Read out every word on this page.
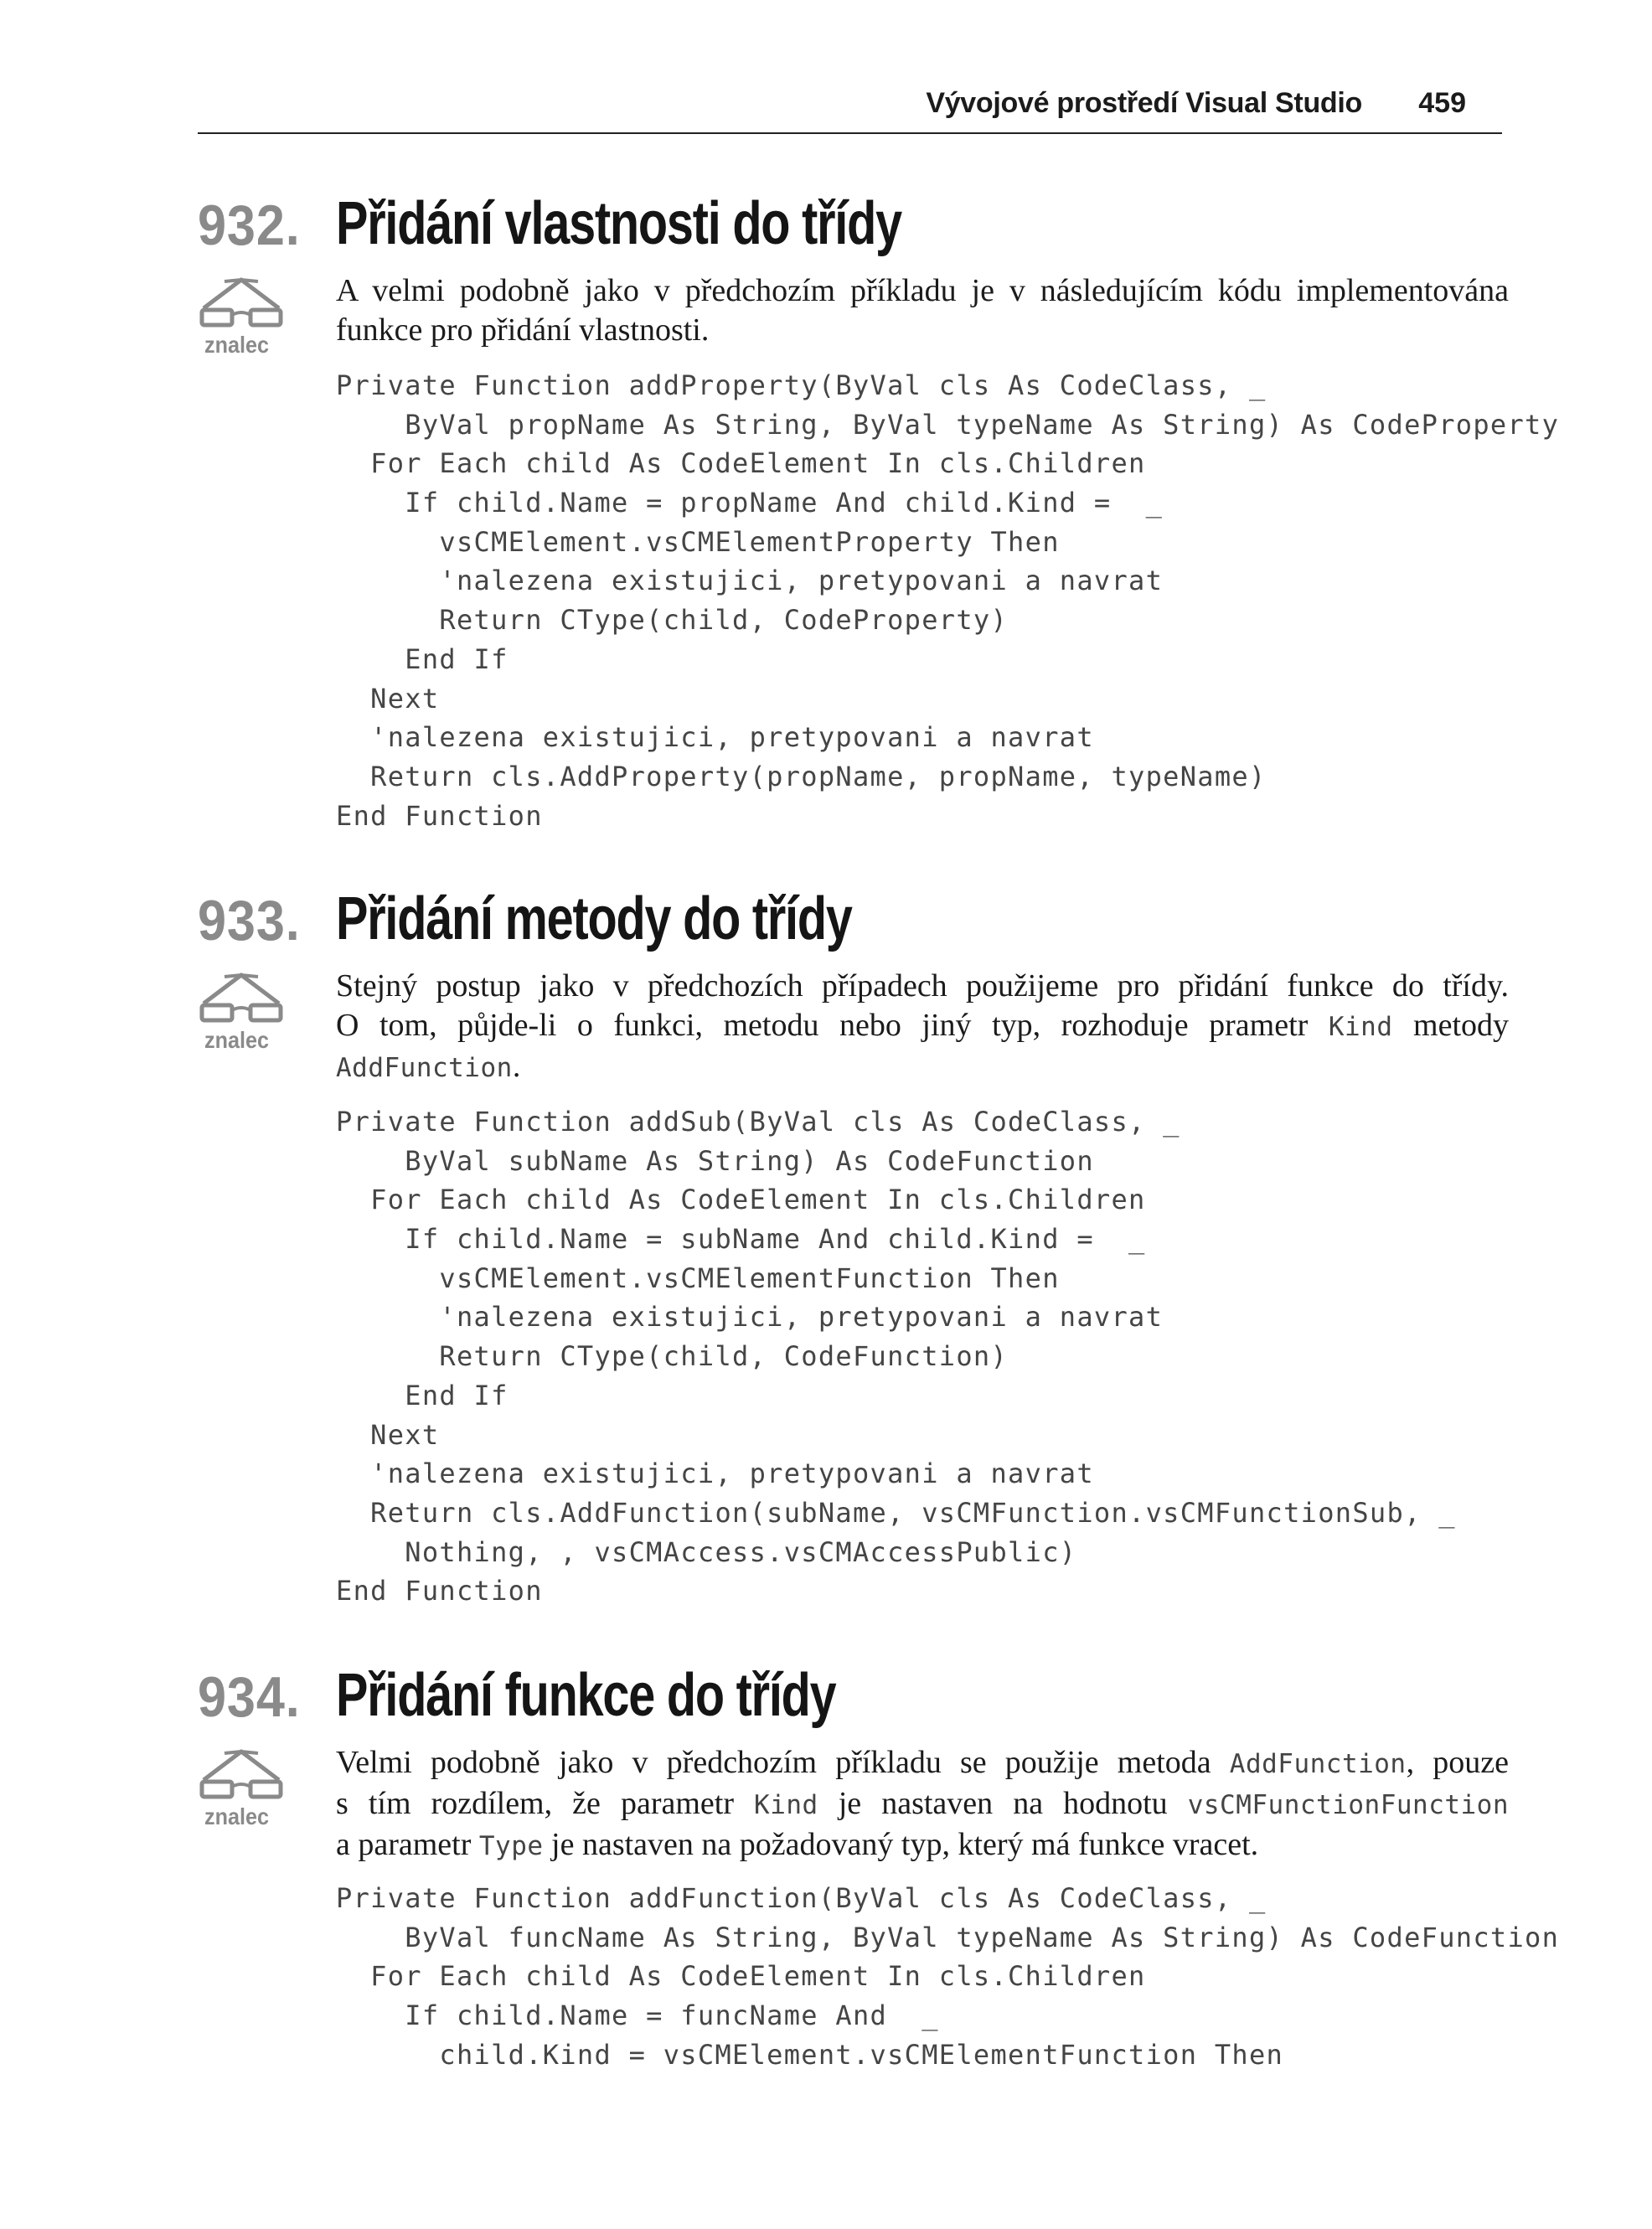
Vývojové prostředí Visual Studio 459
932. Přidání vlastnosti do třídy
znalec
A velmi podobně jako v předchozím příkladu je v následujícím kódu implementována
funkce pro přidání vlastnosti.
Private Function addProperty(ByVal cls As CodeClass, _
ByVal propName As String, ByVal typeName As String) As CodeProperty
For Each child As CodeElement In cls.Children
If child.Name = propName And child.Kind =  _
vsCMElement.vsCMElementProperty Then
'nalezena existujici, pretypovani a navrat
Return CType(child, CodeProperty)
End If
Next
'nalezena existujici, pretypovani a navrat
Return cls.AddProperty(propName, propName, typeName)
End Function
933. Přidání metody do třídy
znalec
Stejný postup jako v předchozích případech použijeme pro přidání funkce do třídy.
O tom, půjde-li o funkci, metodu nebo jiný typ, rozhoduje prametr Kind metody
AddFunction.
Private Function addSub(ByVal cls As CodeClass, _
ByVal subName As String) As CodeFunction
For Each child As CodeElement In cls.Children
If child.Name = subName And child.Kind =  _
vsCMElement.vsCMElementFunction Then
'nalezena existujici, pretypovani a navrat
Return CType(child, CodeFunction)
End If
Next
'nalezena existujici, pretypovani a navrat
Return cls.AddFunction(subName, vsCMFunction.vsCMFunctionSub, _
Nothing, , vsCMAccess.vsCMAccessPublic)
End Function
934. Přidání funkce do třídy
znalec
Velmi podobně jako v předchozím příkladu se použije metoda AddFunction, pouze
s tím rozdílem, že parametr Kind je nastaven na hodnotu vsCMFunctionFunction
a parametr Type je nastaven na požadovaný typ, který má funkce vracet.
Private Function addFunction(ByVal cls As CodeClass, _
ByVal funcName As String, ByVal typeName As String) As CodeFunction
For Each child As CodeElement In cls.Children
If child.Name = funcName And  _
child.Kind = vsCMElement.vsCMElementFunction Then
